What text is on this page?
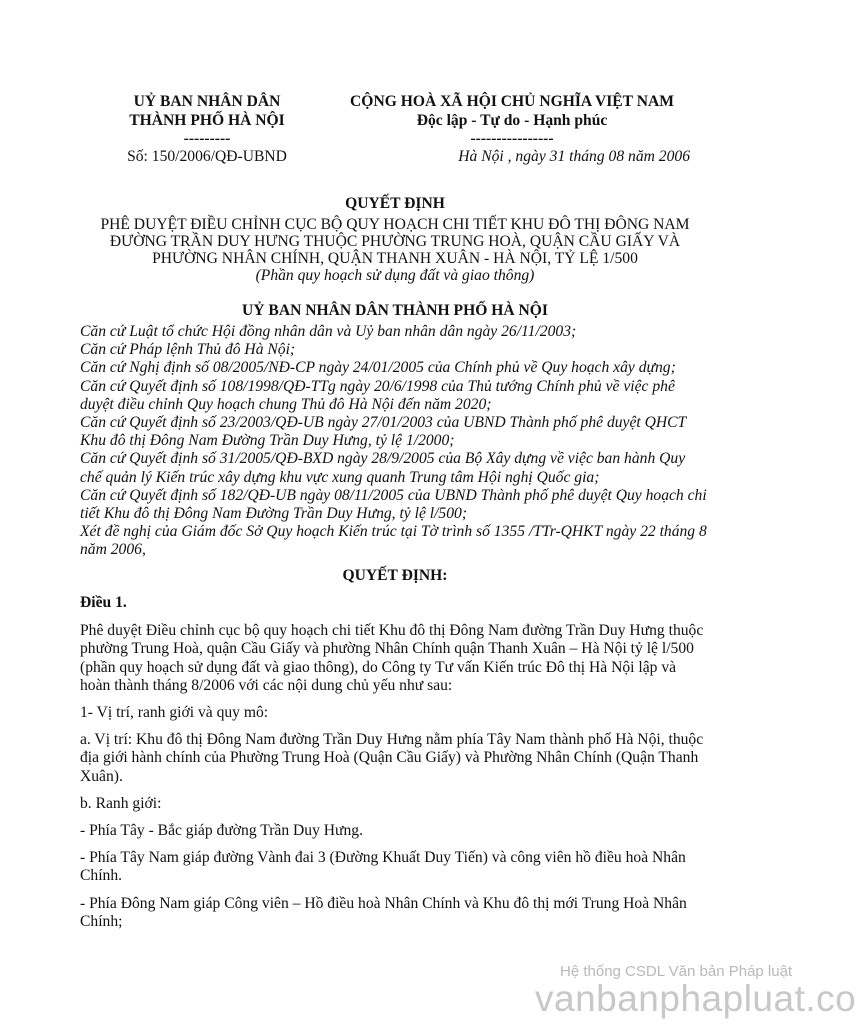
UỶ BAN NHÂN DÂN
THÀNH PHỐ HÀ NỘI
---------
Số: 150/2006/QĐ-UBND
CỘNG HOÀ XÃ HỘI CHỦ NGHĨA VIỆT NAM
Độc lập - Tự do - Hạnh phúc
----------------
Hà Nội , ngày 31 tháng 08 năm 2006
QUYẾT ĐỊNH
PHÊ DUYỆT ĐIỀU CHỈNH CỤC BỘ QUY HOẠCH CHI TIẾT KHU ĐÔ THỊ ĐÔNG NAM
ĐƯỜNG TRẦN DUY HƯNG THUỘC PHƯỜNG TRUNG HOÀ, QUẬN CẦU GIẤY VÀ
PHƯỜNG NHÂN CHÍNH, QUẬN THANH XUÂN - HÀ NỘI, TỶ LỆ 1/500
(Phần quy hoạch sử dụng đất và giao thông)
UỶ BAN NHÂN DÂN THÀNH PHỐ HÀ NỘI

Căn cứ Luật tổ chức Hội đồng nhân dân và Uỷ ban nhân dân ngày 26/11/2003;

Căn cứ Pháp lệnh Thủ đô Hà Nội;

Căn cứ Nghị định số 08/2005/NĐ-CP ngày 24/01/2005 của Chính phủ về Quy hoạch xây dựng;

Căn cứ Quyết định số 108/1998/QĐ-TTg ngày 20/6/1998 của Thủ tướng Chính phủ về việc phê duyệt điều chỉnh Quy hoạch chung Thủ đô Hà Nội đến năm 2020;

Căn cứ Quyết định số 23/2003/QĐ-UB ngày 27/01/2003 của UBND Thành phố phê duyệt QHCT Khu đô thị Đông Nam Đường Trần Duy Hưng, tỷ lệ 1/2000;

Căn cứ Quyết định số 31/2005/QĐ-BXD ngày 28/9/2005 của Bộ Xây dựng về việc ban hành Quy chế quản lý Kiến trúc xây dựng khu vực xung quanh Trung tâm Hội nghị Quốc gia;

Căn cứ Quyết định số 182/QĐ-UB ngày 08/11/2005 của UBND Thành phố phê duyệt Quy hoạch chi tiết Khu đô thị Đông Nam Đường Trần Duy Hưng, tỷ lệ l/500;

Xét đề nghị của Giám đốc Sở Quy hoạch Kiến trúc tại Tờ trình số 1355 /TTr-QHKT ngày 22 tháng 8 năm 2006,

QUYẾT ĐỊNH:

Điều 1.

Phê duyệt Điều chỉnh cục bộ quy hoạch chi tiết Khu đô thị Đông Nam đường Trần Duy Hưng thuộc phường Trung Hoà, quận Cầu Giấy và phường Nhân Chính quận Thanh Xuân – Hà Nội tỷ lệ l/500 (phần quy hoạch sử dụng đất và giao thông), do Công ty Tư vấn Kiến trúc Đô thị Hà Nội lập và hoàn thành tháng 8/2006 với các nội dung chủ yếu như sau:

1- Vị trí, ranh giới và quy mô:

a. Vị trí: Khu đô thị Đông Nam đường Trần Duy Hưng nằm phía Tây Nam thành phố Hà Nội, thuộc địa giới hành chính của Phường Trung Hoà (Quận Cầu Giấy) và Phường Nhân Chính (Quận Thanh Xuân).

b. Ranh giới:

- Phía Tây - Bắc giáp đường Trần Duy Hưng.

- Phía Tây Nam giáp đường Vành đai 3 (Đường Khuất Duy Tiến) và công viên hồ điều hoà Nhân Chính.

- Phía Đông Nam giáp Công viên – Hồ điều hoà Nhân Chính và Khu đô thị mới Trung Hoà Nhân Chính;

Hệ thống CSDL Văn bản Pháp luật
vanbanphapluat.co
